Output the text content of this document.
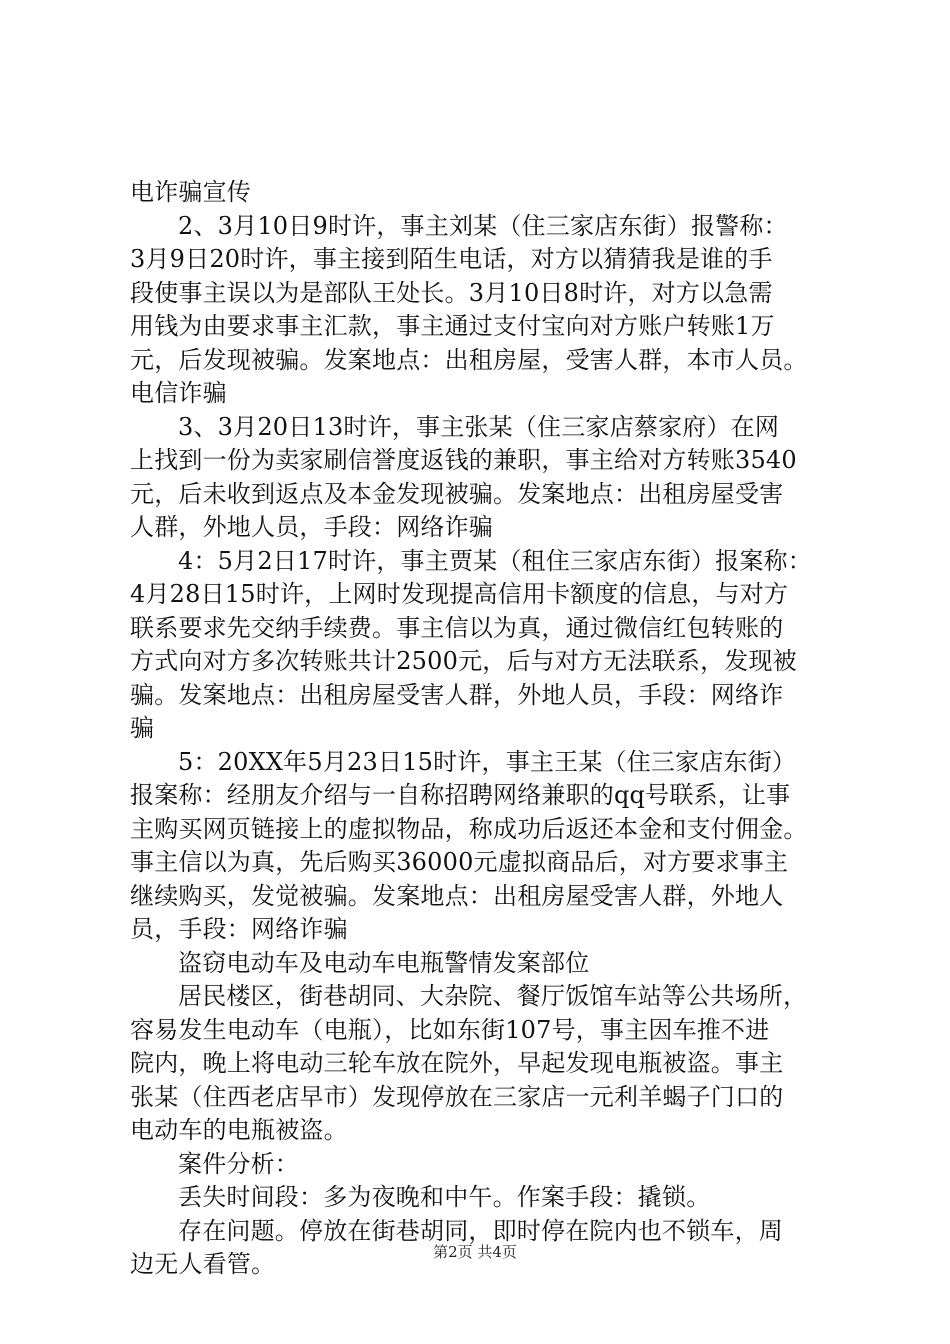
电诈骗宣传
2、3月10日9时许，事主刘某（住三家店东街）报警称：
3月9日20时许，事主接到陌生电话，对方以猜猜我是谁的手
段使事主误以为是部队王处长。3月10日8时许，对方以急需
用钱为由要求事主汇款，事主通过支付宝向对方账户转账1万
元，后发现被骗。发案地点：出租房屋，受害人群，本市人员。
电信诈骗
3、3月20日13时许，事主张某（住三家店蔡家府）在网
上找到一份为卖家刷信誉度返钱的兼职，事主给对方转账3540
元，后未收到返点及本金发现被骗。发案地点：出租房屋受害
人群，外地人员，手段：网络诈骗
4：5月2日17时许，事主贾某（租住三家店东街）报案称：
4月28日15时许，上网时发现提高信用卡额度的信息，与对方
联系要求先交纳手续费。事主信以为真，通过微信红包转账的
方式向对方多次转账共计2500元，后与对方无法联系，发现被
骗。发案地点：出租房屋受害人群，外地人员，手段：网络诈
骗
5：20XX年5月23日15时许，事主王某（住三家店东街）
报案称：经朋友介绍与一自称招聘网络兼职的qq号联系，让事
主购买网页链接上的虚拟物品，称成功后返还本金和支付佣金。
事主信以为真，先后购买36000元虚拟商品后，对方要求事主
继续购买，发觉被骗。发案地点：出租房屋受害人群，外地人
员，手段：网络诈骗
盗窃电动车及电动车电瓶警情发案部位
居民楼区，街巷胡同、大杂院、餐厅饭馆车站等公共场所，
容易发生电动车（电瓶），比如东街107号，事主因车推不进
院内，晚上将电动三轮车放在院外，早起发现电瓶被盗。事主
张某（住西老店早市）发现停放在三家店一元利羊蝎子门口的
电动车的电瓶被盗。
案件分析：
丢失时间段：多为夜晚和中午。作案手段：撬锁。
存在问题。停放在街巷胡同，即时停在院内也不锁车，周
边无人看管。	第2页 共4页
